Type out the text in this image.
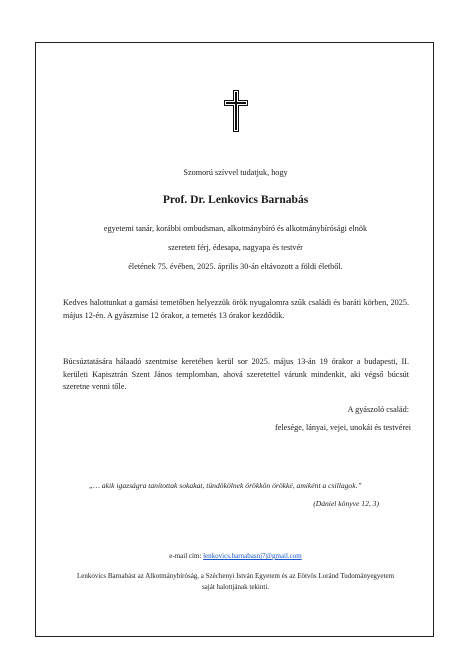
Szomorú szívvel tudatjuk, hogy
Prof. Dr. Lenkovics Barnabás
egyetemi tanár, korábbi ombudsman, alkotmánybíró és alkotmánybírósági elnök
szeretett férj, édesapa, nagyapa és testvér
életének 75. évében, 2025. április 30-án eltávozott a földi életből.
Kedves halottunkat a gamási temetőben helyezzük örök nyugalomra szűk családi és baráti körben, 2025. május 12-én. A gyászmise 12 órakor, a temetés 13 órakor kezdődik.
Búcsúztatására hálaadó szentmise keretében kerül sor 2025. május 13-án 19 órakor a budapesti, II. kerületi Kapisztrán Szent János templomban, ahová szeretettel várunk mindenkit, aki végső búcsút szeretne venni tőle.
A gyászoló család:
felesége, lányai, vejei, unokái és testvérei
„… akik igazságra tanítottak sokakat, tündökölnek örökkön örökké, amiként a csillagok.”
(Dániel könyve 12, 3)
e-mail cím: lenkovics.barnabasnj7@gmail.com
Lenkovics Barnabást az Alkotmánybíróság, a Széchenyi István Egyetem és az Eötvös Loránd Tudományegyetem
saját halottjának tekinti.
